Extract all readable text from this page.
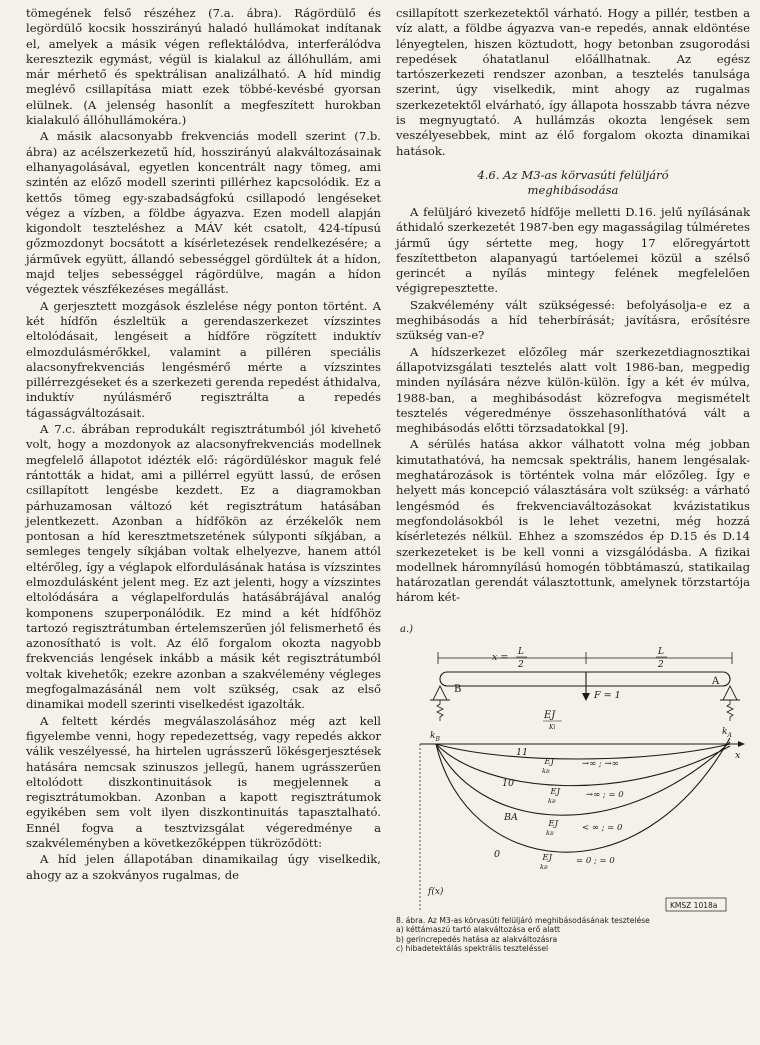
tömegének felső részéhez (7.a. ábra). Rágördülő és legördülő kocsik hosszirányú haladó hullámokat indítanak el, amelyek a másik végen reflektálódva, interferálódva keresztezik egymást, végül is kialakul az állóhullám, ami már mérhető és spektrálisan analizálható. A híd mindig meglévő csillapítása miatt ezek többé-kevésbé gyorsan elülnek. (A jelenség hasonlít a megfeszített hurokban kialakuló állóhullámokéra.)

A másik alacsonyabb frekvenciás modell szerint (7.b. ábra) az acélszerkezetű híd, hosszirányú alakváltozásainak elhanyagolásával, egyetlen koncentrált nagy tömeg, ami szintén az előző modell szerinti pillérhez kapcsolódik. Ez a kettős tömeg egy-szabadságfokú csillapodó lengéseket végez a vízben, a földbe ágyazva. Ezen modell alapján kigondolt teszteléshez a MÁV két csatolt, 424-típusú gőzmozdonyt bocsátott a kísérletezések rendelkezésére; a járművek együtt, állandó sebességgel gördültek át a hídon, majd teljes sebességgel rágördülve, magán a hídon végeztek vészfékezéses megállást.

A gerjesztett mozgások észlelése négy ponton történt. A két hídfőn észleltük a gerendaszerkezet vízszintes eltolódásait, lengéseit a hídfőre rögzített induktív elmozdulásmérőkkel, valamint a pilléren speciális alacsonyfrekvenciás lengésmérő mérte a vízszintes pillérrezgéseket és a szerkezeti gerenda repedést áthidalva, induktív nyúlásmérő regisztrálta a repedés tágasságváltozásait.

A 7.c. ábrában reprodukált regisztrátumból jól kivehető volt, hogy a mozdonyok az alacsonyfrekvenciás modellnek megfelelő állapotot idézték elő: rágördüléskor maguk felé rántották a hidat, ami a pillérrel együtt lassú, de erősen csillapított lengésbe kezdett. Ez a diagramokban párhuzamosan változó két regisztrátum hatásában jelentkezett. Azonban a hídfőkön az érzékelők nem pontosan a híd keresztmetszetének súlyponti síkjában, a semleges tengely síkjában voltak elhelyezve, hanem attól eltérőleg, így a véglapok elfordulásának hatása is vízszintes elmozdulásként jelent meg. Ez azt jelenti, hogy a vízszintes eltolódására a véglapelfordulás hatásábrájával analóg komponens szuperponálódik. Ez mind a két hídfőhöz tartozó regisztrátumban értelemszerűen jól felismerhető és azonosítható is volt. Az élő forgalom okozta nagyobb frekvenciás lengések inkább a másik két regisztrátumból voltak kivehetők; ezekre azonban a szakvélemény végleges megfogalmazásánál nem volt szükség, csak az első dinamikai modell szerinti viselkedést igazolták.

A feltett kérdés megválaszolásához még azt kell figyelembe venni, hogy repedezettség, vagy repedés akkor válik veszélyessé, ha hirtelen ugrásszerű lökésgerjesztések hatására nemcsak szinuszos jellegű, hanem ugrásszerűen eltolódott diszkontinuitások is megjelennek a regisztrátumokban. Azonban a kapott regisztrátumok egyikében sem volt ilyen diszkontinuitás tapasztalható. Ennél fogva a tesztvizsgálat végeredménye a szakvéleményben a következőképpen tükröződött:

A híd jelen állapotában dinamikailag úgy viselkedik, ahogy az a szokványos rugalmas, de

csillapított szerkezetektől várható. Hogy a pillér, testben a víz alatt, a földbe ágyazva van-e repedés, annak eldöntése lényegtelen, hiszen köztudott, hogy betonban zsugorodási repedések óhatatlanul előállhatnak. Az egész tartószerkezeti rendszer azonban, a tesztelés tanulsága szerint, úgy viselkedik, mint ahogy az rugalmas szerkezetektől elvárható, így állapota hosszabb távra nézve is megnyugtató. A hullámzás okozta lengések sem veszélyesebbek, mint az élő forgalom okozta dinamikai hatások.

4.6. Az M3-as körvasúti felüljáró
meghibásodása

A felüljáró kivezető hídfője melletti D.16. jelű nyílásának áthidaló szerkezetét 1987-ben egy magasságilag túlméretes jármű úgy sértette meg, hogy 17 előregyártott feszítettbeton alapanyagú tartóelemei közül a szélső gerincét a nyílás mintegy felének megfelelően végigrepesztette.

Szakvélemény vált szükségessé: befolyásolja-e ez a meghibásodás a híd teherbírását; javításra, erősítésre szükség van-e?

A hídszerkezet előzőleg már szerkezetdiagnosztikai állapotvizsgálati tesztelés alatt volt 1986-ban, megpedig minden nyílására nézve külön-külön. Így a két év múlva, 1988-ban, a meghibásodást közrefogva megismételt tesztelés végeredménye összehasonlíthatóvá vált a meghibásodás előtti törzsadatokkal [9].

A sérülés hatása akkor válhatott volna még jobban kimutathatóvá, ha nemcsak spektrális, hanem lengésalak-meghatározások is történtek volna már előzőleg. Így e helyett más koncepció választására volt szükség: a várható lengésmód és frekvenciaváltozásokat kvázistatikus megfondolásokból is le lehet vezetni, még hozzá kísérletezés nélkül. Ehhez a szomszédos ép D.15 és D.14 szerkezeteket is be kell vonni a vizsgálódásba. A fizikai modellnek háromnyílású homogén többtámaszú, statikailag határozatlan gerendát választottunk, amelynek törzstartója három két-

a.)
x = L
2
L
2
F = 1
B
A
EJ
Ki
$k_B$
$k_A$
x
f(x)
11
10
BA
0
EJ kB
→∞ ; →∞
EJ kB
→∞ ; = 0
EJ kB
< ∞ ; = 0
EJ kB
= 0 ; = 0
KMSZ 1018a
8. ábra. Az M3-as körvasúti felüljáró meghibásodásának tesztelése
a) kéttámaszú tartó alakváltozása erő alatt
b) gerincrepedés hatása az alakváltozásra
c) hibadetektálás spektrális teszteléssel
